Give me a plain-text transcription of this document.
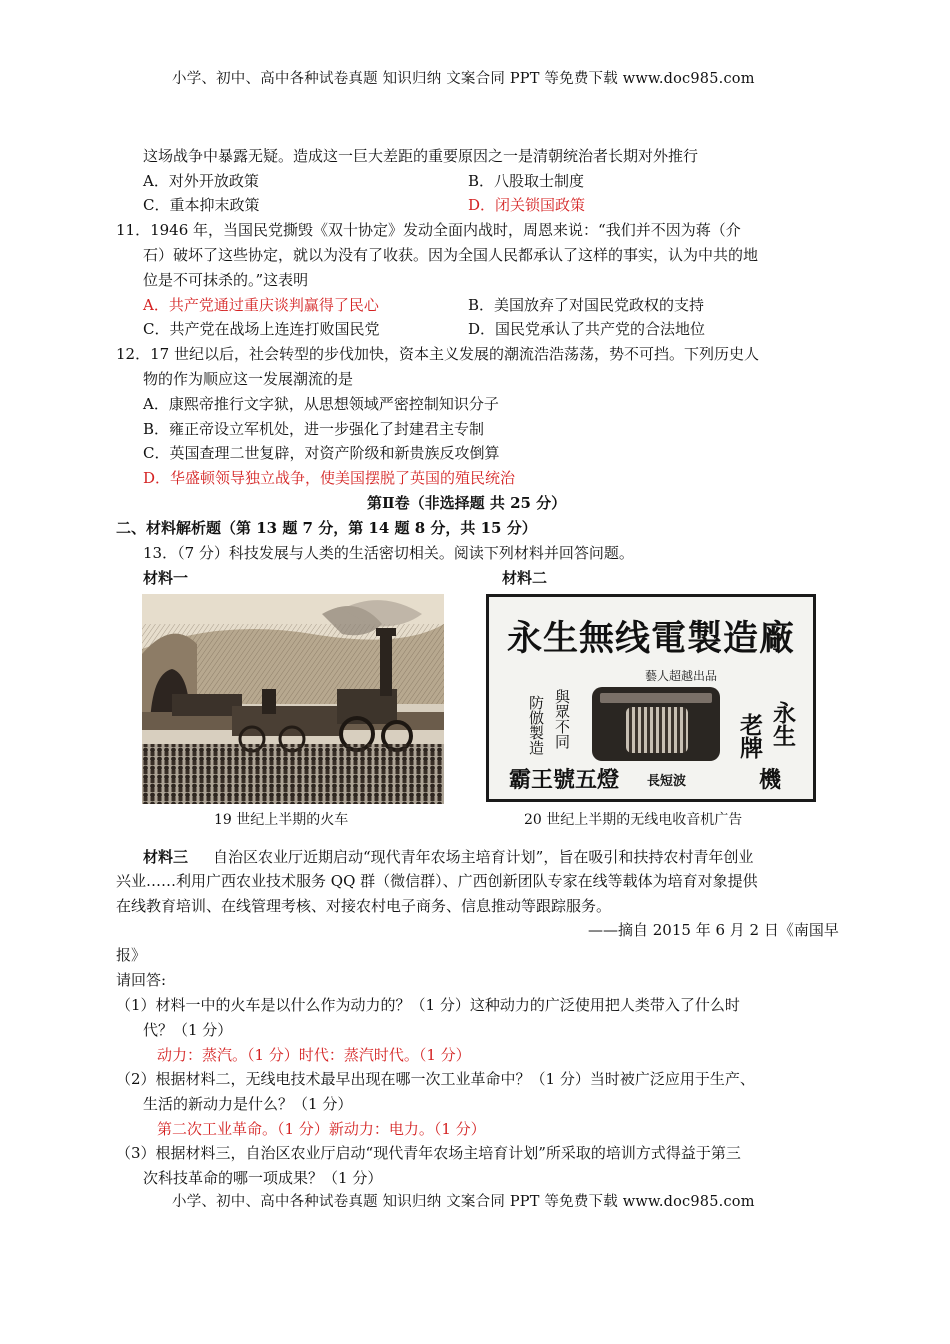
小学、初中、高中各种试卷真题 知识归纳 文案合同 PPT 等免费下载 www.doc985.com
这场战争中暴露无疑。造成这一巨大差距的重要原因之一是清朝统治者长期对外推行
A．对外开放政策	B．八股取士制度
C．重本抑末政策	D．闭关锁国政策
11．1946 年，当国民党撕毁《双十协定》发动全面内战时，周恩来说：“我们并不因为蒋（介
石）破坏了这些协定，就以为没有了收获。因为全国人民都承认了这样的事实，认为中共的地
位是不可抹杀的。”这表明
A．共产党通过重庆谈判赢得了民心	B．美国放弃了对国民党政权的支持
C．共产党在战场上连连打败国民党	D．国民党承认了共产党的合法地位
12．17 世纪以后，社会转型的步伐加快，资本主义发展的潮流浩浩荡荡，势不可挡。下列历史人
物的作为顺应这一发展潮流的是
A．康熙帝推行文字狱，从思想领域严密控制知识分子
B．雍正帝设立军机处，进一步强化了封建君主专制
C．英国查理二世复辟，对资产阶级和新贵族反攻倒算
D．华盛顿领导独立战争，使美国摆脱了英国的殖民统治
第Ⅱ卷（非选择题 共 25 分）
二、材料解析题（第 13 题 7 分，第 14 题 8 分，共 15 分）
13．（7 分）科技发展与人类的生活密切相关。阅读下列材料并回答问题。
材料一	材料二
永生無线電製造廠
藝人超越出品
與眾不同
防倣製造	永生
老牌
霸王號五燈 長短波	機
19 世纪上半期的火车	20 世纪上半期的无线电收音机广告
材料三 自治区农业厅近期启动“现代青年农场主培育计划”，旨在吸引和扶持农村青年创业
兴业……利用广西农业技术服务 QQ 群（微信群）、广西创新团队专家在线等载体为培育对象提供
在线教育培训、在线管理考核、对接农村电子商务、信息推动等跟踪服务。
——摘自 2015 年 6 月 2 日《南国早
报》
请回答:
（1）材料一中的火车是以什么作为动力的？（1 分）这种动力的广泛使用把人类带入了什么时
代？（1 分）
动力：蒸汽。（1 分）时代：蒸汽时代。（1 分）
（2）根据材料二，无线电技术最早出现在哪一次工业革命中？（1 分）当时被广泛应用于生产、
生活的新动力是什么？（1 分）
第二次工业革命。（1 分）新动力：电力。（1 分）
（3）根据材料三，自治区农业厅启动“现代青年农场主培育计划”所采取的培训方式得益于第三
次科技革命的哪一项成果？（1 分）
小学、初中、高中各种试卷真题 知识归纳 文案合同 PPT 等免费下载 www.doc985.com
